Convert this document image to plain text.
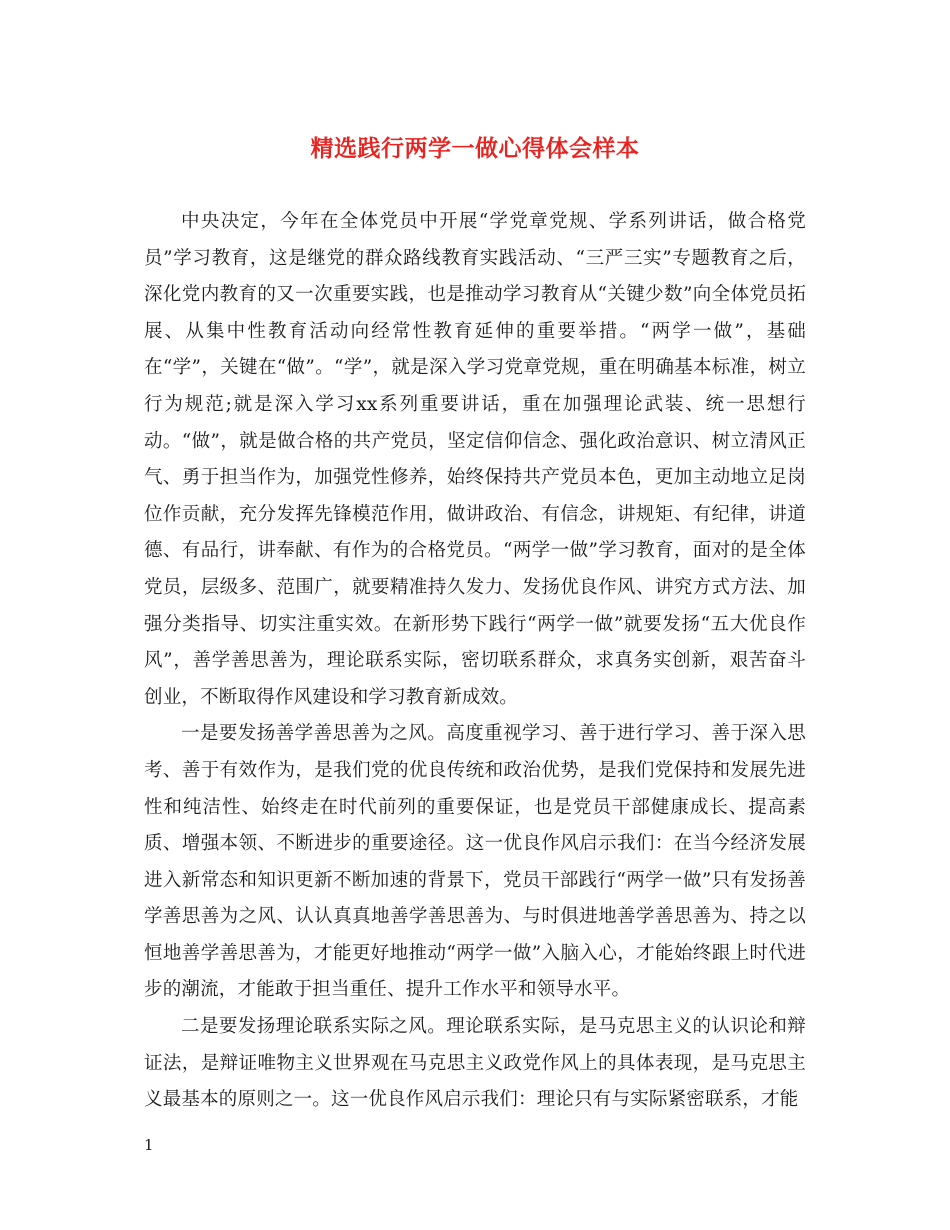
精选践行两学一做心得体会样本

中央决定，今年在全体党员中开展“学党章党规、学系列讲话，做合格党员”学习教育，这是继党的群众路线教育实践活动、“三严三实”专题教育之后，深化党内教育的又一次重要实践，也是推动学习教育从“关键少数”向全体党员拓展、从集中性教育活动向经常性教育延伸的重要举措。“两学一做”，基础在“学”，关键在“做”。“学”，就是深入学习党章党规，重在明确基本标准，树立行为规范;就是深入学习xx系列重要讲话，重在加强理论武装、统一思想行动。“做”，就是做合格的共产党员，坚定信仰信念、强化政治意识、树立清风正气、勇于担当作为，加强党性修养，始终保持共产党员本色，更加主动地立足岗位作贡献，充分发挥先锋模范作用，做讲政治、有信念，讲规矩、有纪律，讲道德、有品行，讲奉献、有作为的合格党员。“两学一做”学习教育，面对的是全体党员，层级多、范围广，就要精准持久发力、发扬优良作风、讲究方式方法、加强分类指导、切实注重实效。在新形势下践行“两学一做”就要发扬“五大优良作风”，善学善思善为，理论联系实际，密切联系群众，求真务实创新，艰苦奋斗创业，不断取得作风建设和学习教育新成效。

一是要发扬善学善思善为之风。高度重视学习、善于进行学习、善于深入思考、善于有效作为，是我们党的优良传统和政治优势，是我们党保持和发展先进性和纯洁性、始终走在时代前列的重要保证，也是党员干部健康成长、提高素质、增强本领、不断进步的重要途径。这一优良作风启示我们：在当今经济发展进入新常态和知识更新不断加速的背景下，党员干部践行“两学一做”只有发扬善学善思善为之风、认认真真地善学善思善为、与时俱进地善学善思善为、持之以恒地善学善思善为，才能更好地推动“两学一做”入脑入心，才能始终跟上时代进步的潮流，才能敢于担当重任、提升工作水平和领导水平。

二是要发扬理论联系实际之风。理论联系实际，是马克思主义的认识论和辩证法，是辩证唯物主义世界观在马克思主义政党作风上的具体表现，是马克思主义最基本的原则之一。这一优良作风启示我们：理论只有与实际紧密联系，才能

1
